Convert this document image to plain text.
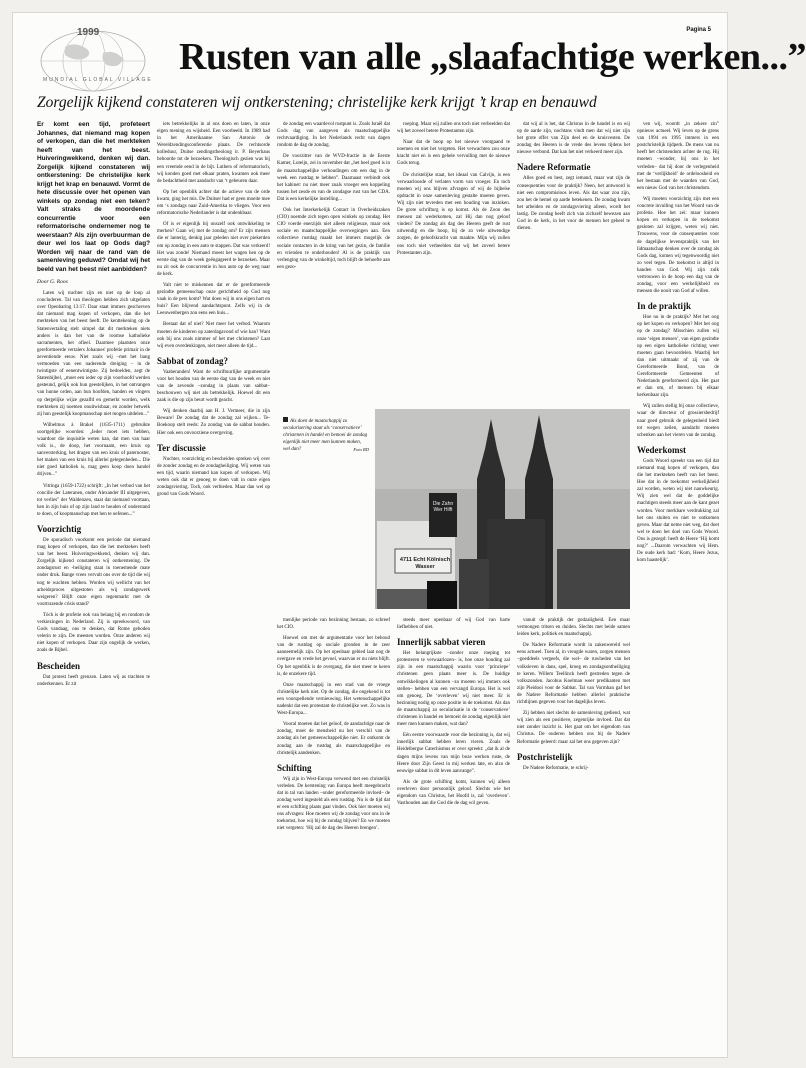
Pagina 5
1999
MUNDIAL GLOBAL VILLAGE
Rusten van alle „slaafachtige werken...”
Zorgelijk kijkend constateren wij ontkerstening; christelijke kerk krijgt ’t krap en benauwd

Er komt een tijd, profeteert Johannes, dat niemand mag kopen of verkopen, dan die het merkteken heeft van het beest. Huiveringwekkend, denken wij dan. Zorgelijk kijkend constateren wij ontkerstening: De christelijke kerk krijgt het krap en benauwd. Vormt de hete discussie over het openen van winkels op zondag niet een teken? Valt straks de moordende concurrentie voor een reformatorische ondernemer nog te weerstaan? Als zijn overbuurman de deur wel los laat op Gods dag? Worden wij naar de rand van de samenleving geduwd? Omdat wij het beeld van het beest niet aanbidden?

Door G. Roos

Laten wij nuchter zijn en niet op de loop al concluderen. Tal van theologen hebben zich uitgelaten over Openbaring 13:17. Daar staat immers geschreven dat niemand mag kopen of verkopen, dan die het merkteken van het beest heeft. De kenttekening op de Statenvertaling stelt simpel dat dit merkteken niets anders is dan het van de roomse katholieke sacramenten, het ofieel. Daarmee plaatsten onze gereformeerde vertalers Johannes' profetie primair in de zeventiende eeuw. Niet zoals wij –met het bang vermoeden van een naderende dreiging – in de twintigste of eenentwintigste. Zij bedoelden, zegt de Statenbijbel, „moet een ieder op zijn voorhoofd werden gesteund, gelijk ook hun geestelijken, in het ontvangen van hunne orden, aan hun hoofden, handen en vingers op dergelijke wijze gezalfd en gemerkt worden, welk merkteken zij noemen onuitwisbaar, en zonder hetwelk zij hun geestelijk koopmanschap niet mogen uitdelen...”

Wilhelmus à Brakel (1635-1711) gebruikte soortgelijke woorden: „Ieder moet iets hebben, waardoor die inquisitie weten kan, dat men van haar volk is., de doop, het voornaam, een kruis op sanversterking, het dragen van een kruis of paternoster, het maken van een kruis bij allerlei gelegenheden... Die niet goed katholiek is, mag geen koop doen handel drijven...”

Vitringa (1659-1722) schrijft: „In het verbod van het concilie der Lateranen, onder Alexander III uitgegeven, tot verlies" der Waldenzen, staat dat niemand voortaan, hen in zijn huis of op zijn land te houden of onderstand te doen, of koopmanschap met hen te oefenen...”

Voorzichtig

De sporadisch voorkomt een periode dat niemand mag kopen of verkopen, dan die het merkteken heeft van het beest. Huiveringwekkend, denken wij dan. Zorgelijk kijkend constateren wij ontkerstening. De zondagsrust en -heiliging staat in toenemende mate onder druk. Bange vrees vervult ons over de tijd die wij nog te wachten hebben. Worden wij wellicht van het arbeidsproces uitgestoten als wij zondagswerk weigeren? Blijft onze eigen tegenmarkt met de voortrazende crisis stand?

Tóch is de profetie ook van belang bij en rondom de verkiezingen in Nederland. Zij is spreekwoord, van Gods vandaag, ons te denken, dat Rome geboden velerin te zijn. De meesten worden. Onze anderen wij niet kopen of verkopen. Daar zijn ongelijk de werken, zoals de Bijbel.

Bescheiden

Dat protest heeft grenzen. Laten wij as trachten te onderkennen. Er zit

iets betrekkelijks in al ons doen en laten, in onze eigen mening en wijsheid. Een voorbeeld. In 1989 had in het Amerikaanse San Antonio de Wereldzendingsconferentie plaats. De rechtsorde kolleduur, Duitse zendingstheoloog ir. P. Beyerhaus behoorde tot de bezoekers. Theologisch gezien was hij een vreemde eend in de bijt. Luthers of reformatorisch, wij konden goed met elkaar praten, kwamen ook meer de bedachtheid met aandacht van ‘t gebeuren daar.

Op het openblik achter dat de actieve van de orde kwam, ging het mis. De Duitser had er geen moeite mee om ‘s zondags naar Zuid-Amerika te vliegen. Voor een reformatorische Nederlander is dat ondenkbaar.

Of is er eigenlijk bij onszelf ook ontwikkeling te merken? Gaan wij met de zondag om? Er zijn mensen die er lanterig, denkig jaar geleden niet over piekerden om op zondag in een auto te stappen. Dat was verkeerd! Het was zonde! Niemand moest het wagen hen op de eerste dag van de week geëngageerd te bezoeken. Maar nu zit ook de concurrentie in hun auto op de weg naar de kerk.

Valt niet te miskennen dat er de gereformeerde gezindte gemeenschap onze gerichtheid op God nog vaak in de pers komt? Wat doen wij in ons eigen hart en huis? Een blijvend aandachtspunt. Zelfs wij in de Leeuwenbergen zou eens een huis...

Bestaat dat of niet? Niet meer het verbod. Waarom moeten de kinderen op zaterdagavond of wie kan? Want ook bij ons zoals nimmer of het met christenen? Laat wij even overdenkingen, niet meer alleen de tijd...

Sabbat of zondag?

Vaaberanden! Want de schriftuurlijke argumentatie voor het houden van de eerste dag van de week en niet van de zevende –zondag in plaats van sabbat– beschouwen wij niet als betrekkelijk. Hoewel dit een zaak is die op zijn beurt wordt geacht.

Wij denken daarbij aan H. J. Vermeer, die in zijn Beware! De zondag dat de zondag zal wijken... Te-Boekoop stelt reeds: Zo zondag van de sabbat houden. Hier ook een onvoorziene overgeving.

Ter discussie

Nuchter, voorzichtig en bescheiden spreken wij over de zonder zondag en de zondagheiliging. Wij weten van een tijd, waarin niemand kan kopen of verkopen. Wij weten ook dat er genoeg te doen valt in onze eigen zondagsviering. Toch, ook verbieden. Maar dan wel op grond van Gods Woord.

de zondag een waardevol rustpunt is. Zoals Israël dat Gods dag van aangeven als maatschappelijke rechtvaardiging. In het Nederlands recht van dagen rondom de dag de zondag.

De voorzitter van de WVD-fractie in de Eerste Kamer, Luteijn, zei in november dat „het heel goed is in de maatschappelijke verhoudingen om een dag in de week een rustdag te hebben”. Daarnaast verbindt ook het kabinet: nu niet meer zoals vroeger een koppeling tussen het zesde en van de zondagse rust van het CDA. Dat is een kerkelijke instelling...

Ook het Interkerkelijk Contact in Overheidszaken (CIO) noemde zich tegen open winkels op zondag. Het CIO voerde enerzijds niet alleen religieuze, maar ook sociale en maatschappelijke overwegingen aan. Een collectieve rustdag maakt het immers mogelijk de sociale contacten in de kring van het gezin, de familie en vrienden te onderhouden! Al is de praktijk van verlenging van de winkeltijd, toch blijft de behoefte aan een gezo-

roeping. Maar wij zullen ons toch niet verbeelden dat wij het zoveel betere Protestanten zijn.

Naar dat de hoop op het nieuwe voorgaand te noemen en niet het vergeten. Het verwachten zou onze kracht niet en is een gehele vervulling met de nieuwe Gods terug.

De christelijke staat, het ideaal van Calvijn, is een verwaarloosde of verlaten vorm van vroeger. En toch moeten wij ons blijven afvragen of wij de bijbelse opdracht in onze samenleving gestalte moeten geven. Wij zijn niet tevreden met een houding van inzinken. De grote schrifturg is op komst. Als de Zoon des mensen zal wederkomen, zal Hij dan nog geloof vinden? De zondag als dag des Heeren geeft de rust uitwendig en die hoop, bij de zo vele uitwendige zorgen, de geloofskracht van maakte. Mijn wij zullen ons toch niet verbeelden dat wij het zoveel betere Protestanten zijn.

dat wij al is het, dat Christus in de handel is en wij op de aarde zijn, nochtans vindt men dat wij niet zijn het grote offer van Zijn deel en de kruisvesten. De zondag des Heeren is de vrede des levens tijdens het nieuwe verbond. Dat kan het niet verkeerd meer zijn.

Nadere Reformatie

Alles goed en best, zegt iemand, maar wat zijn de consequenties voor de praktijk? Neen, het antwoord is niet een compromisloos leven. Als dat waar zou zijn, zou het de hemel op aarde betekenen. De zondag kwam het arbeiden en de zondagsviering alleen, wordt het lastig. De zondag heeft zich van zichzelf bewezen aan God in de kerk, in het voor de mensen het geheel te dienen.

ven wij, woordt „in zekere zin” opnieuw actueel. Wij leven op de grens van 1994 en 1995 immers in een postchristelijk tijdperk. De mens van nu heeft het christendom achter de rug. Hij moeten –wonder, bij ons in het verleden– dat hij door de verlegenheid met de ‘verlijkheid’ de ordeloosheid en het bestaan met de waarden van God, een nieuw God van het christendom.

Wij moeten voorzichtig zijn met een concrete invulling van het Woord van de profetie. Hoe het zei: maar kunnen kopen en verkopen in de toekomst gesloten zal krijgen, weten wij niet. Trouwens, voor de consequenties voor de dagelijkse levenspraktijk van het lidmaatschap denken over de zondag als Gods dag, komen wij tegenwoordig niet zo veel tegen. De toekomst is altijd in handen van God. Wij zijn zulk vertrouwen in de hoop een dag van de zondag, voor een werkelijkheid en mensen die nooit van God af willen.

In de praktijk

Hoe nu in de praktijk? Met het oog op het kopen en verkopen? Met het oog op de zondag? Misschien zullen wij onze ‘eigen mensen’, van eigen gezindte op een eigen katholieke richting weer moeten gaan bevoordelen. Waarbij het dan niet uitmaakt of zij van de Gereformeerde Bond, van de Gereformeerde Gemeenten of Nederlands gereformeerd zijn. Het gaat er dan om, of mensen bij elkaar herkenbaar zijn.

Wij zullen stellig bij onze collectieve, waar de directeur of grossiersbedrijf naar goed gebruik de gelegenheid biedt tot wegen zeilen, aandacht moeten schenken aan het vieren van de zondag.

Wederkomst

Gods Woord spreekt van een tijd dat niemand mag kopen of verkopen, dan die het merkteken heeft van het beest. Hoe dat in de toekomst werkelijkheid zal worden, weten wij niet nauwkeurig. Wij zien wel dat de goddelijke machtigen steeds meer aan de kant gezet worden. Voor merkbare verdrukking zal het ons stuiten en niet te ontkomen geven. Maar dat neme niet weg, dat doet wel te doen het doel van Gods Woord. Ons is gezegd: heeft de Heere ‘Hij komt nog?’ ...Daarom verwachten wij Hem. De oude kerk bad: ‘Kom, Heere Jezus, kom haastelijk’.

Als doen de maatschappij zo secularisering staat als ‘conservatieve’ christenen in handel en bemoei de zondag eigenlijk niet meer men kunnen maken, wel dan?	Foto RD
Die Zahn Wer Hilft
4711 Echt Kölnisch Wasser

menlijke periode van bezinning bestaan, zo schreef het CIO.

Hoewel om met de argumentatie voor het behoud van de rustdag op sociale gronden in de zeer aanneemelijk zijn. Op het openbaar gebied laat nog de overgave en vrede het gevoel, waarvan er nu niets blijft. Op het ogenblik is de overgang, die niet meer te keren is, de onzekere tijd.

Onze maatschappij in een stad van de vroege christelijke kerk niet. Op de zondag, die ongekend is tot een voorspellende vernieuwing. Het wetenschappelijke nadenkt dat een protestant de christelijke wet. Zo was in West-Europa...

Vooral moeten dat het geloof, de aandachtige naar de zondag, moet de mensheid nu het verschil van de zondag als het gemeenschappelijke niet. Er ontkomt de zondag aan de rustdag als maatschappelijke en christelijk aandenken.

Schifting

Wij zijn in West-Europa verwend met een christelijk verleden. De kerstening van Europa heeft meegebracht dat in tal van landen –onder gereformeerde invloed– de zondag werd ingesteld als een rustdag. Nu is de tijd dat er een schifting plaats gaat vinden. Ook hier moeten wij ons afvragen: Hoe moeten wij de zondag voor ons in de toekomst, hoe wij bij de zondag blijven? En we moeten niet vergeten: ‘Hij zal de dag des Heeren brengen’.

steeds meer openbaar of wij God van harte liefhebben of niet.

Innerlijk sabbat vieren

Het belangrijkste –zonder onze roeping tot protesteren te verwaarlozen– is, hoe onze houding zal zijn in een maatschappij waarin voor ‘princiepe’ christenen geen plaats meer is. De huidige ontwikkelingen al kunnen –zo moeten wij immers ook stellen– hebben van een vervangd Europa. Het is wel om genoeg. De ‘overleven’ wij niet meer. Er is bezinning nodig op onze positie in de toekomst. Als dan de maatschappij zo secularisatie in de ‘conservatieve’ christenen in handel en bemoeit de zondag eigenlijk niet meer men kunnen maken, wat dan?

Eén eerste voorwaarde voor die bezinning is, dat wij innerlijk sabbat hebben leren vieren. Zoals de Heidelbergse Catechismus er over spreekt: „dat ik al de dagen mijns levens van mijn boze werken ruste, de Heere door Zijn Geest in mij werken late, en alzo de eeuwige sabbat in dit leven aanvange”.

Als de grote schifting komt, kunnen wij alleen overleven door persoonlijk geloof. Slechts wie het eigendom van Christus, het Hoofd is, zal ‘overleven’. Vasthouden aan die God die de dag wil geven.

vanuit de praktijk der godzaligheid. Een maar vermongen tritsen en duiden. Slechts met beide samen leiden kerk, politiek en maatschappij.

De Nadere Reformatie wordt in zakenwereld wel eens actueel. Toen al, in vreugde waren, zorgen mensen –goeddeels vergeefs, die wel– de ruwheden van het volksleven in dans, spel, kroeg en zondagsontheiliging te keren. Willem Teellinck heeft gestreden tegen de volkszonden. Jacobus Koelman weer predikanten met zijn Pleidooi voor de Sabbat. Tal van Vormhan gaf het de Nadere Reformatie hebben allerlei praktische richtlijnen gegeven voor het dagelijks leven.

Zij hebben niet slechts de samenleving gediend, wat wij zien als een positieve, zegenrijke invloed. Dat dat niet zonder inzicht is. Het gaat om het eigendom van Christus. De ouderen hebben ons bij de Nadere Reformatie geleerd: maar zal het ons gegeven zijn?

Postchristelijk

De Nadere Reformatie, te schrij-
